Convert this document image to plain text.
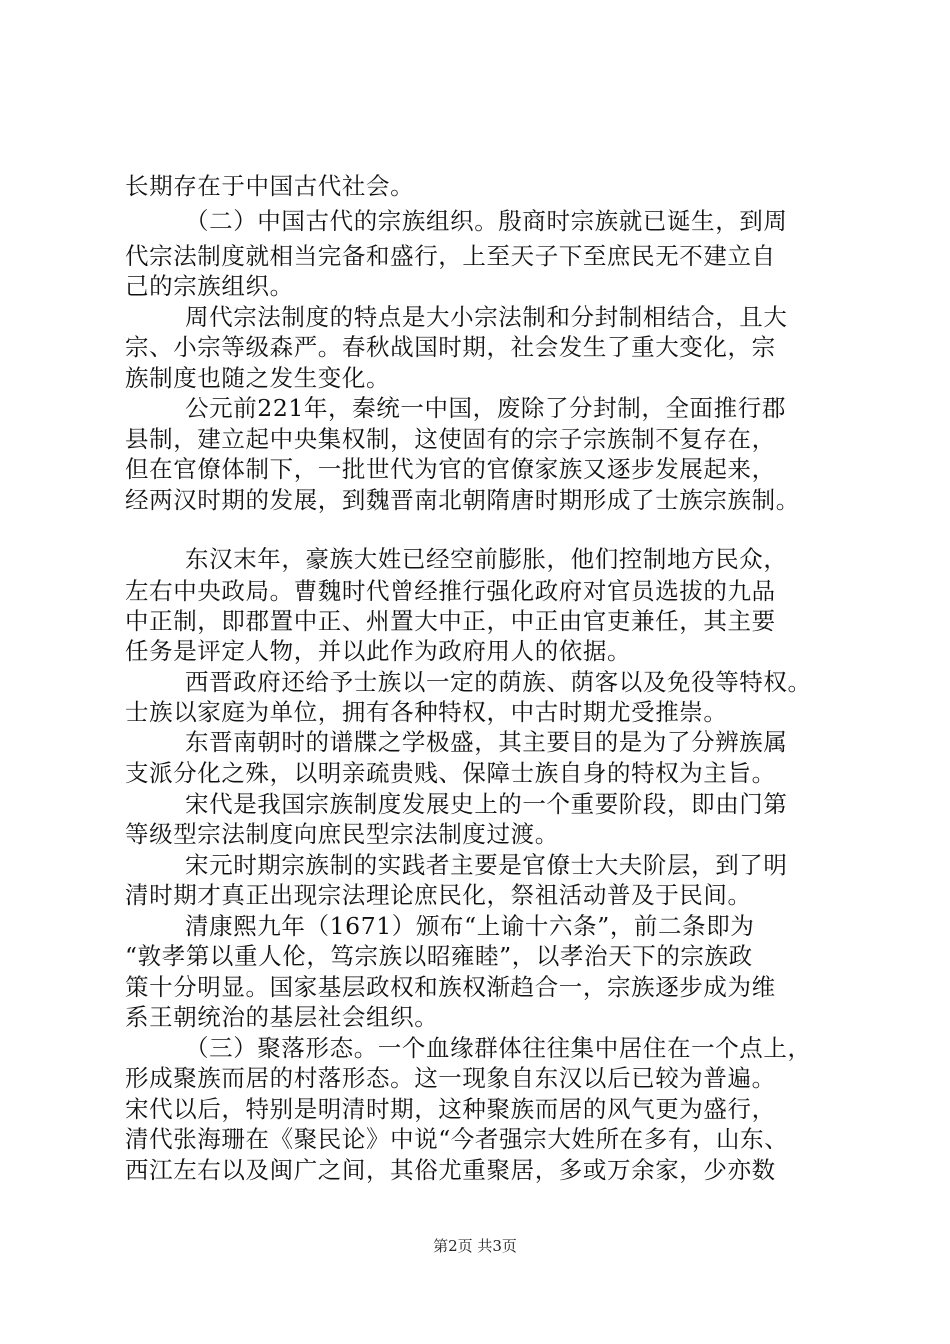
长期存在于中国古代社会。
（二）中国古代的宗族组织。殷商时宗族就已诞生，到周
代宗法制度就相当完备和盛行，上至天子下至庶民无不建立自
己的宗族组织。
周代宗法制度的特点是大小宗法制和分封制相结合，且大
宗、小宗等级森严。春秋战国时期，社会发生了重大变化，宗
族制度也随之发生变化。
公元前221年，秦统一中国，废除了分封制，全面推行郡
县制，建立起中央集权制，这使固有的宗子宗族制不复存在，
但在官僚体制下，一批世代为官的官僚家族又逐步发展起来，
经两汉时期的发展，到魏晋南北朝隋唐时期形成了士族宗族制。
东汉末年，豪族大姓已经空前膨胀，他们控制地方民众，
左右中央政局。曹魏时代曾经推行强化政府对官员选拔的九品
中正制，即郡置中正、州置大中正，中正由官吏兼任，其主要
任务是评定人物，并以此作为政府用人的依据。
西晋政府还给予士族以一定的荫族、荫客以及免役等特权。
士族以家庭为单位，拥有各种特权，中古时期尤受推崇。
东晋南朝时的谱牒之学极盛，其主要目的是为了分辨族属
支派分化之殊，以明亲疏贵贱、保障士族自身的特权为主旨。
宋代是我国宗族制度发展史上的一个重要阶段，即由门第
等级型宗法制度向庶民型宗法制度过渡。
宋元时期宗族制的实践者主要是官僚士大夫阶层，到了明
清时期才真正出现宗法理论庶民化，祭祖活动普及于民间。
清康熙九年（1671）颁布“上谕十六条”，前二条即为
“敦孝第以重人伦，笃宗族以昭雍睦”，以孝治天下的宗族政
策十分明显。国家基层政权和族权渐趋合一，宗族逐步成为维
系王朝统治的基层社会组织。
（三）聚落形态。一个血缘群体往往集中居住在一个点上，
形成聚族而居的村落形态。这一现象自东汉以后已较为普遍。
宋代以后，特别是明清时期，这种聚族而居的风气更为盛行，
清代张海珊在《聚民论》中说“今者强宗大姓所在多有，山东、
西江左右以及闽广之间，其俗尤重聚居，多或万余家，少亦数
第2页 共3页
